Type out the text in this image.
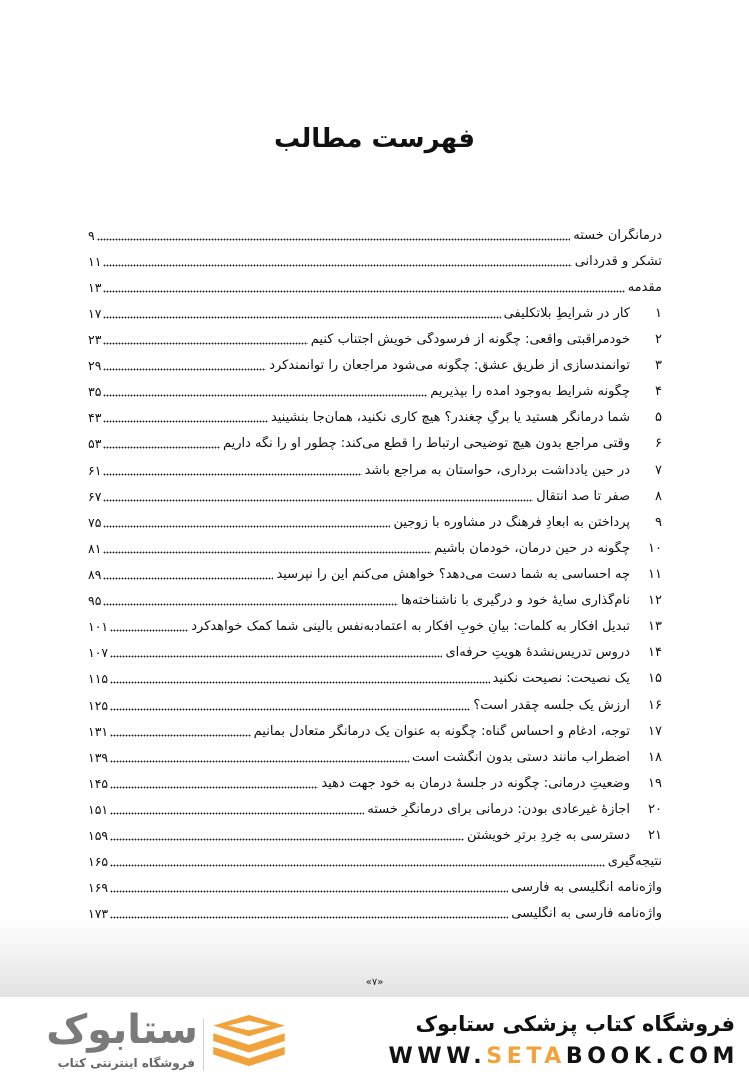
فهرست مطالب
درمانگران خسته
۹
تشکر و قدردانی
۱۱
مقدمه
۱۳
۱
کار در شرایطِ بلاتکلیفی
۱۷
۲
خودمراقبتی واقعی: چگونه از فرسودگی خویش اجتناب کنیم
۲۳
۳
توانمندسازی از طریق عشق: چگونه می‌شود مراجعان را توانمندکرد
۲۹
۴
چگونه شرایط به‌وجود آمده را بپذیریم
۳۵
۵
شما درمانگر هستید یا برگِ چغندر؟ هیچ کاری نکنید، همان‌جا بنشینید
۴۳
۶
وقتی مراجع بدون هیچ توضیحی ارتباط را قطع می‌کند: چطور او را نگه داریم
۵۳
۷
در حین یادداشت برداری، حواستان به مراجع باشد
۶۱
۸
صفر تا صد انتقال
۶۷
۹
پرداختن به ابعادِ فرهنگ در مشاوره با زوجین
۷۵
۱۰
چگونه در حین درمان، خودمان باشیم
۸۱
۱۱
چه احساسی به شما دست می‌دهد؟ خواهش می‌کنم این را نپرسید
۸۹
۱۲
نام‌گذاری سایۀ خود و درگیری با ناشناخته‌ها
۹۵
۱۳
تبدیل افکار به کلمات: بیانِ خوبِ افکار به اعتمادبه‌نفسِ بالینی شما کمک خواهدکرد
۱۰۱
۱۴
دروس تدریس‌نشدۀ هویتِ حرفه‌ای
۱۰۷
۱۵
یک نصیحت: نصیحت نکنید
۱۱۵
۱۶
ارزش یک جلسه چقدر است؟
۱۲۵
۱۷
توجه، ادغام و احساس گناه: چگونه به عنوان یک درمانگر متعادل بمانیم
۱۳۱
۱۸
اضطراب مانند دستی بدون انگشت است
۱۳۹
۱۹
وضعیتِ درمانی: چگونه در جلسۀ درمان به خود جهت دهید
۱۴۵
۲۰
اجازۀ غیرعادی بودن: درمانی برای درمانگرِ خسته
۱۵۱
۲۱
دسترسی به خِردِ برترِ خویشتن
۱۵۹
نتیجه‌گیری
۱۶۵
واژه‌نامه انگلیسی به فارسی
۱۶۹
واژه‌نامه فارسی به انگلیسی
۱۷۳
«۷»
فروشگاه کتاب پزشکی ستابوک
WWW.SETABOOK.COM
ستابوک
فروشگاه اینترنتی کتاب
